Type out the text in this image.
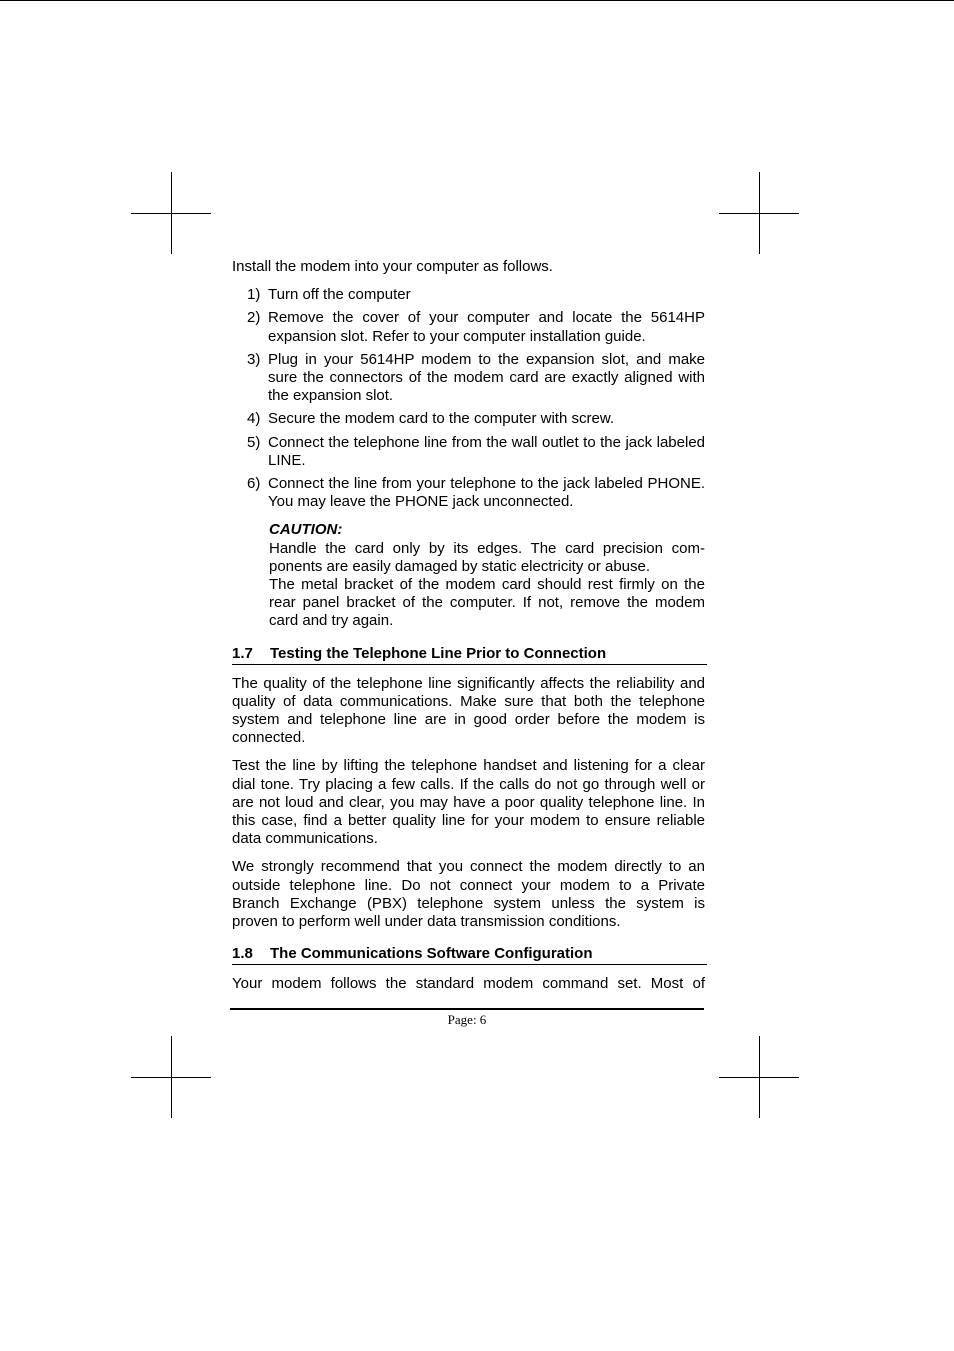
Install the modem into your computer as follows.

1) Turn off the computer
2) Remove the cover of your computer and locate the 5614HP expansion slot. Refer to your computer installation guide.
3) Plug in your 5614HP modem to the expansion slot, and make sure the connectors of the modem card are exactly aligned with the expansion slot.
4) Secure the modem card to the computer with screw.
5) Connect the telephone line from the wall outlet to the jack labeled LINE.
6) Connect the line from your telephone to the jack labeled PHONE. You may leave the PHONE jack unconnected.
CAUTION:

Handle the card only by its edges. The card precision com-ponents are easily damaged by static electricity or abuse.

The metal bracket of the modem card should rest firmly on the rear panel bracket of the computer. If not, remove the modem card and try again.

1.7 Testing the Telephone Line Prior to Connection

The quality of the telephone line significantly affects the reliability and quality of data communications. Make sure that both the telephone system and telephone line are in good order before the modem is connected.

Test the line by lifting the telephone handset and listening for a clear dial tone. Try placing a few calls. If the calls do not go through well or are not loud and clear, you may have a poor quality telephone line. In this case, find a better quality line for your modem to ensure reliable data communications.

We strongly recommend that you connect the modem directly to an outside telephone line. Do not connect your modem to a Private Branch Exchange (PBX) telephone system unless the system is proven to perform well under data transmission conditions.

1.8 The Communications Software Configuration

Your modem follows the standard modem command set. Most of

Page: 6
